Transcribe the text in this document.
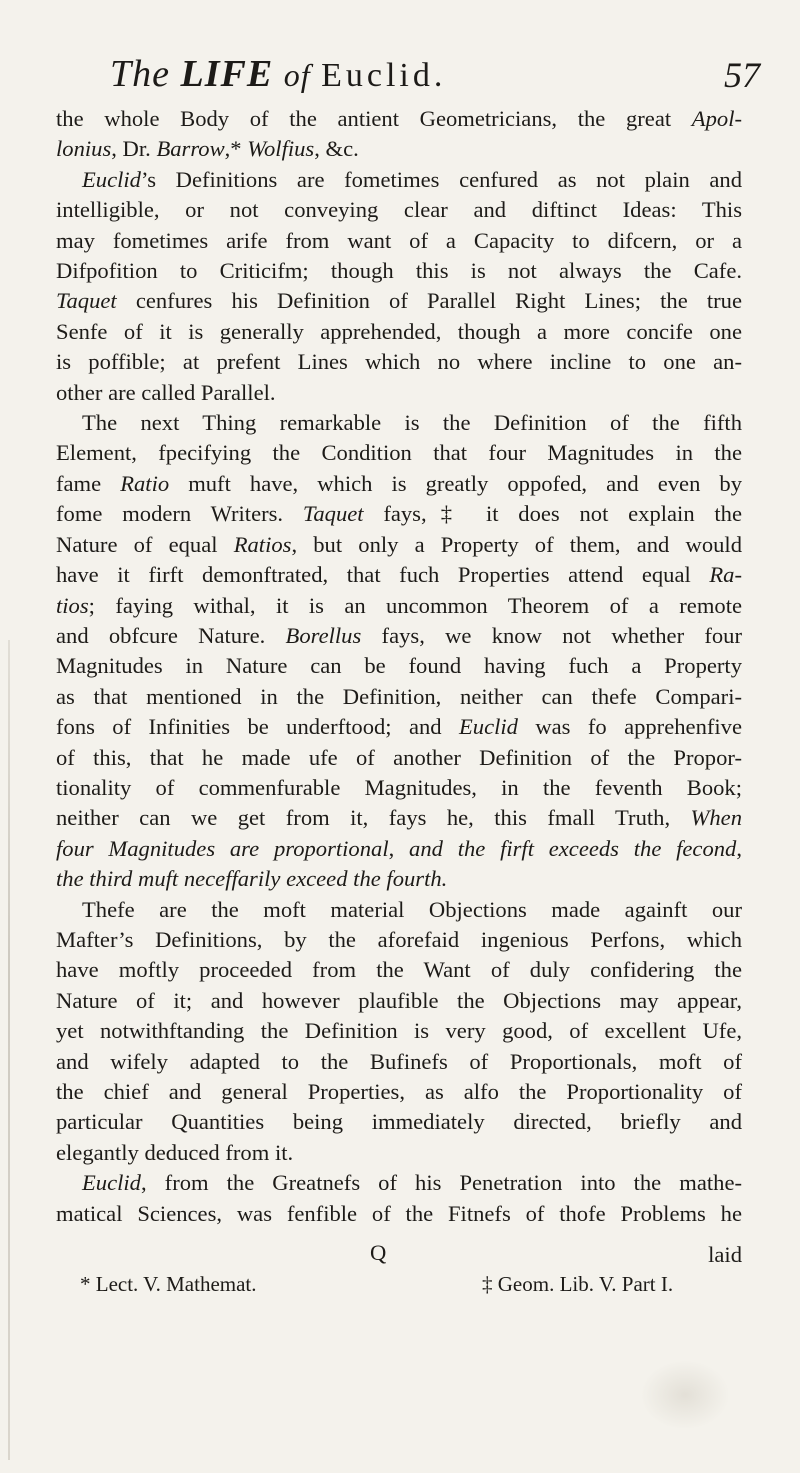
The LIFE of Euclid.	57
the whole Body of the antient Geometricians, the great Apol-
lonius, Dr. Barrow,* Wolfius, &c.
Euclid’s Definitions are fometimes cenfured as not plain and
intelligible, or not conveying clear and diftinct Ideas: This
may fometimes arife from want of a Capacity to difcern, or a
Difpofition to Criticifm; though this is not always the Cafe.
Taquet cenfures his Definition of Parallel Right Lines; the true
Senfe of it is generally apprehended, though a more concife one
is poffible; at prefent Lines which no where incline to one an-
other are called Parallel.
The next Thing remarkable is the Definition of the fifth
Element, fpecifying the Condition that four Magnitudes in the
fame Ratio muft have, which is greatly oppofed, and even by
fome modern Writers. Taquet fays,‡ it does not explain the
Nature of equal Ratios, but only a Property of them, and would
have it firft demonftrated, that fuch Properties attend equal Ra-
tios; faying withal, it is an uncommon Theorem of a remote
and obfcure Nature. Borellus fays, we know not whether four
Magnitudes in Nature can be found having fuch a Property
as that mentioned in the Definition, neither can thefe Compari-
fons of Infinities be underftood; and Euclid was fo apprehenfive
of this, that he made ufe of another Definition of the Propor-
tionality of commenfurable Magnitudes, in the feventh Book;
neither can we get from it, fays he, this fmall Truth, When
four Magnitudes are proportional, and the firft exceeds the fecond,
the third muft neceffarily exceed the fourth.
Thefe are the moft material Objections made againft our
Mafter’s Definitions, by the aforefaid ingenious Perfons, which
have moftly proceeded from the Want of duly confidering the
Nature of it; and however plaufible the Objections may appear,
yet notwithftanding the Definition is very good, of excellent Ufe,
and wifely adapted to the Bufinefs of Proportionals, moft of
the chief and general Properties, as alfo the Proportionality of
particular Quantities being immediately directed, briefly and
elegantly deduced from it.
Euclid, from the Greatnefs of his Penetration into the mathe-
matical Sciences, was fenfible of the Fitnefs of thofe Problems he
Q	laid
* Lect. V. Mathemat.	‡ Geom. Lib. V. Part I.
